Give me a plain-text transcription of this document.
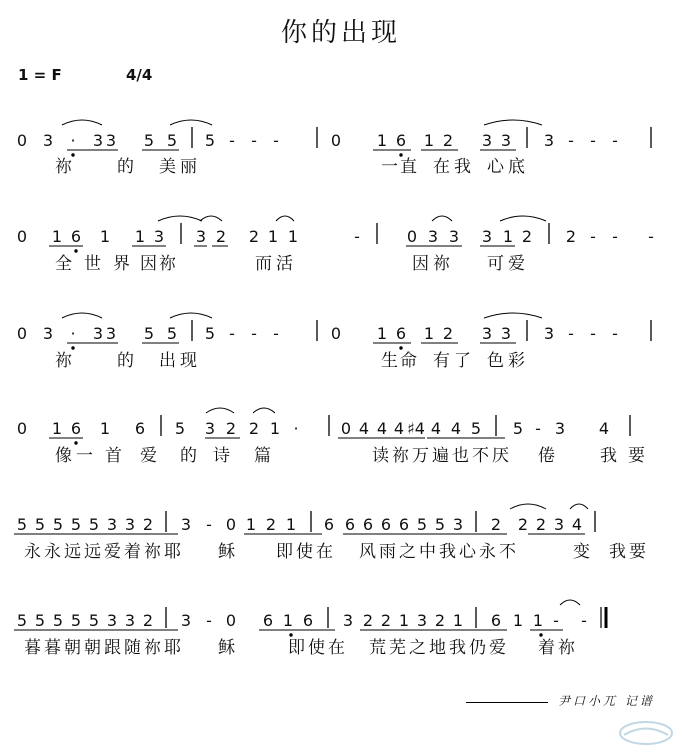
你的出现
1 = F	4/4
0 3 · 3 3 5 5 5 - - -	0 1 6 1 2 3 3 3 - - -
祢	的 美 丽	一 直 在 我 心 底
0 1 6 1 1 3 3 2 2 1 1	-	0 3 3 3 1 2 2 - - -
全 世 界 因 祢	而 活	因 祢 可 爱
0 3 · 3 3 5 5 5 - - -	0 1 6 1 2 3 3 3 - - -
祢	的 出 现	生 命 有 了 色 彩
0 1 6 1 6 5 3 2 2 1 ·	0 4 4 4 ♯4 4 4 5 5 - 3 4
像 一 首 爱 的 诗 篇	读 祢 万 遍 也 不 厌 倦	我 要
5 5 5 5 5 3 3 2 3 - 0 1 2 1 6 6 6 6 6 5 5 3 2 2 2 3 4
永 永 远 远 爱 着 祢 耶 稣 即 使 在 风 雨 之 中 我 心 永 不	变 我 要
5 5 5 5 5 3 3 2 3 - 0 6 1 6 3 2 2 1 3 2 1 6 1 1 - -
暮 暮 朝 朝 跟 随 祢 耶 稣	即 使 在 荒 芜 之 地 我 仍 爱 着 祢
尹口小兀 记谱
